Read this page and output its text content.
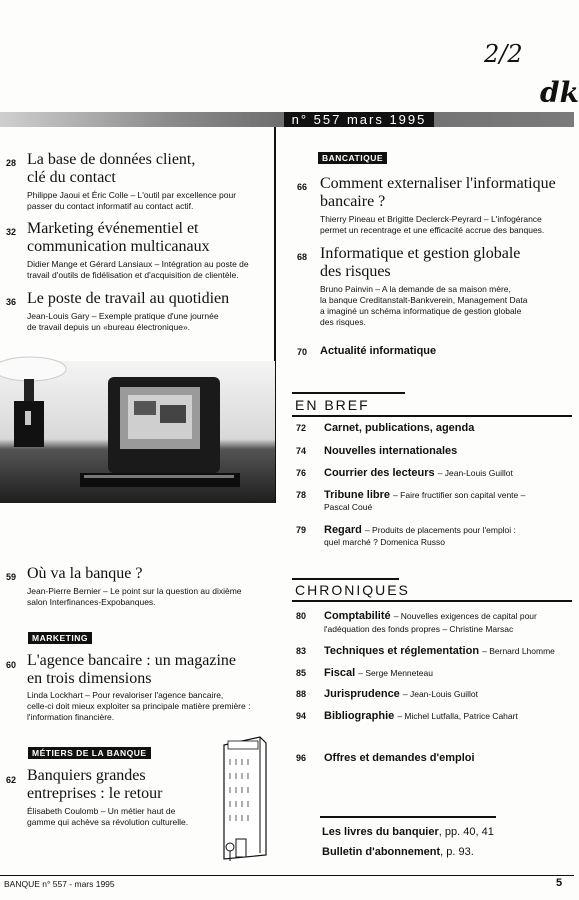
2/2
dk
n° 557 mars 1995
28 La base de données client,
clé du contact
Philippe Jaoui et Éric Colle – L'outil par excellence pour
passer du contact informatif au contact actif.
32 Marketing événementiel et
communication multicanaux
Didier Mange et Gérard Lansiaux – Intégration au poste de
travail d'outils de fidélisation et d'acquisition de clientèle.
36 Le poste de travail au quotidien
Jean-Louis Gary – Exemple pratique d'une journée
de travail depuis un «bureau électronique».
59 Où va la banque ?
Jean-Pierre Bernier – Le point sur la question au dixième
salon Interfinances-Expobanques.
MARKETING
60 L'agence bancaire : un magazine
en trois dimensions
Linda Lockhart – Pour revaloriser l'agence bancaire,
celle-ci doit mieux exploiter sa principale matière première :
l'information financière.
MÉTIERS DE LA BANQUE
62 Banquiers grandes
entreprises : le retour
Élisabeth Coulomb – Un métier haut de
gamme qui achève sa révolution culturelle.
BANCATIQUE
66 Comment externaliser l'informatique
bancaire ?
Thierry Pineau et Brigitte Declerck-Peyrard – L'infogérance
permet un recentrage et une efficacité accrue des banques.
68 Informatique et gestion globale
des risques
Bruno Painvin – A la demande de sa maison mère,
la banque Creditanstalt-Bankverein, Management Data
a imaginé un schéma informatique de gestion globale
des risques.
70 Actualité informatique
EN BREF
72 Carnet, publications, agenda
74 Nouvelles internationales
76 Courrier des lecteurs – Jean-Louis Guillot
78 Tribune libre – Faire fructifier son capital vente –
Pascal Coué
79 Regard – Produits de placements pour l'emploi :
quel marché ? Domenica Russo
CHRONIQUES
80 Comptabilité – Nouvelles exigences de capital pour
l'adéquation des fonds propres – Christine Marsac
83 Techniques et réglementation – Bernard Lhomme
85 Fiscal – Serge Menneteau
88 Jurisprudence – Jean-Louis Guillot
94 Bibliographie – Michel Lutfalla, Patrice Cahart
96 Offres et demandes d'emploi
Les livres du banquier, pp. 40, 41
Bulletin d'abonnement, p. 93.
BANQUE n° 557 - mars 1995	5
